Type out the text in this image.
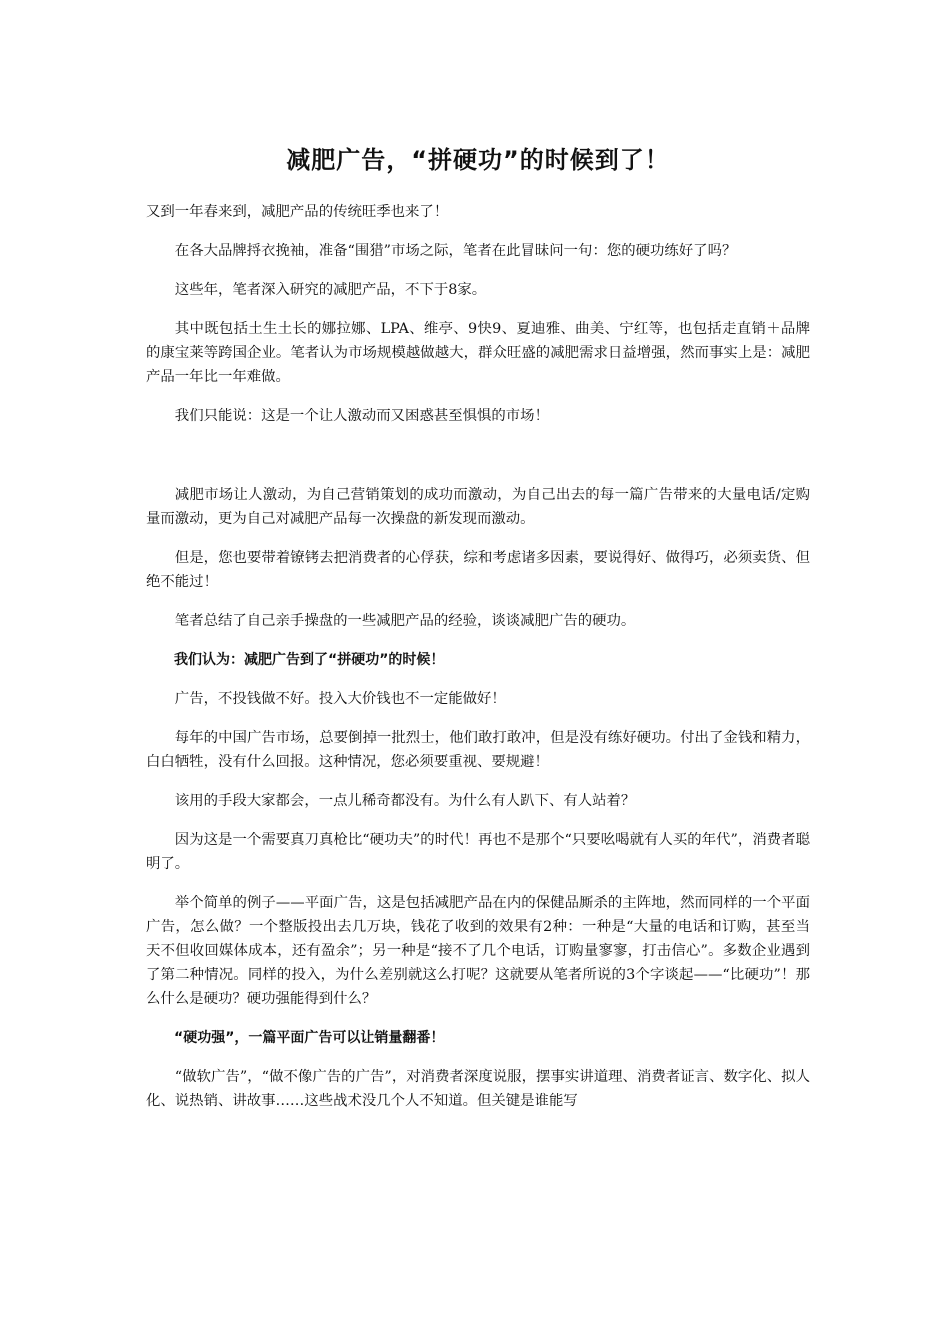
减肥广告，“拼硬功”的时候到了！

又到一年春来到，减肥产品的传统旺季也来了！

在各大品牌捋衣挽袖，准备“围猎”市场之际，笔者在此冒昧问一句：您的硬功练好了吗？

这些年，笔者深入研究的减肥产品，不下于8家。

其中既包括土生土长的娜拉娜、LPA、维亭、9快9、夏迪雅、曲美、宁红等，也包括走直销＋品牌的康宝莱等跨国企业。笔者认为市场规模越做越大，群众旺盛的减肥需求日益增强，然而事实上是：减肥产品一年比一年难做。

我们只能说：这是一个让人激动而又困惑甚至惧惧的市场！

减肥市场让人激动，为自己营销策划的成功而激动，为自己出去的每一篇广告带来的大量电话/定购量而激动，更为自己对减肥产品每一次操盘的新发现而激动。

但是，您也要带着镣铐去把消费者的心俘获，综和考虑诸多因素，要说得好、做得巧，必须卖货、但绝不能过！

笔者总结了自己亲手操盘的一些减肥产品的经验，谈谈减肥广告的硬功。

我们认为：减肥广告到了“拼硬功”的时候！

广告，不投钱做不好。投入大价钱也不一定能做好！

每年的中国广告市场，总要倒掉一批烈士，他们敢打敢冲，但是没有练好硬功。付出了金钱和精力，白白牺牲，没有什么回报。这种情况，您必须要重视、要规避！

该用的手段大家都会，一点儿稀奇都没有。为什么有人趴下、有人站着？

因为这是一个需要真刀真枪比“硬功夫”的时代！再也不是那个“只要吆喝就有人买的年代”，消费者聪明了。

举个简单的例子——平面广告，这是包括减肥产品在内的保健品厮杀的主阵地，然而同样的一个平面广告，怎么做？一个整版投出去几万块，钱花了收到的效果有2种：一种是“大量的电话和订购，甚至当天不但收回媒体成本，还有盈余”；另一种是“接不了几个电话，订购量寥寥，打击信心”。多数企业遇到了第二种情况。同样的投入，为什么差别就这么打呢？这就要从笔者所说的3个字谈起——“比硬功”！那么什么是硬功？硬功强能得到什么？

“硬功强”，一篇平面广告可以让销量翻番！

“做软广告”，“做不像广告的广告”，对消费者深度说服，摆事实讲道理、消费者证言、数字化、拟人化、说热销、讲故事……这些战术没几个人不知道。但关键是谁能写
